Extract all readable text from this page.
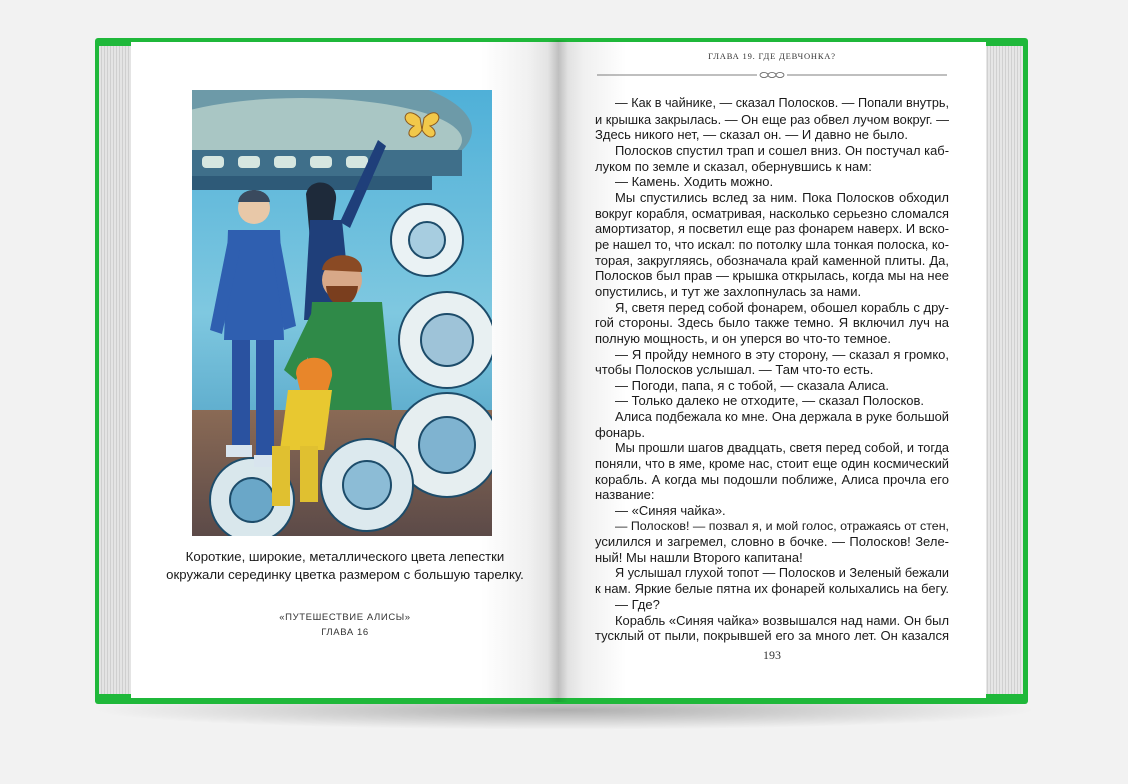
Короткие, широкие, металлического цвета лепестки
окружали серединку цветка размером с большую тарелку.
«ПУТЕШЕСТВИЕ АЛИСЫ»
ГЛАВА 16
ГЛАВА 19. ГДЕ ДЕВЧОНКА?
— Как в чайнике, — сказал Полосков. — Попали внутрь,
и крышка закрылась. — Он еще раз обвел лучом вокруг. —
Здесь никого нет, — сказал он. — И давно не было.
Полосков спустил трап и сошел вниз. Он постучал каб-
луком по земле и сказал, обернувшись к нам:
— Камень. Ходить можно.
Мы спустились вслед за ним. Пока Полосков обходил
вокруг корабля, осматривая, насколько серьезно сломался
амортизатор, я посветил еще раз фонарем наверх. И вско-
ре нашел то, что искал: по потолку шла тонкая полоска, ко-
торая, закругляясь, обозначала край каменной плиты. Да,
Полосков был прав — крышка открылась, когда мы на нее
опустились, и тут же захлопнулась за нами.
Я, светя перед собой фонарем, обошел корабль с дру-
гой стороны. Здесь было также темно. Я включил луч на
полную мощность, и он уперся во что-то темное.
— Я пройду немного в эту сторону, — сказал я громко,
чтобы Полосков услышал. — Там что-то есть.
— Погоди, папа, я с тобой, — сказала Алиса.
— Только далеко не отходите, — сказал Полосков.
Алиса подбежала ко мне. Она держала в руке большой
фонарь.
Мы прошли шагов двадцать, светя перед собой, и тогда
поняли, что в яме, кроме нас, стоит еще один космический
корабль. А когда мы подошли поближе, Алиса прочла его
название:
— «Синяя чайка».
— Полосков! — позвал я, и мой голос, отражаясь от стен,
усилился и загремел, словно в бочке. — Полосков! Зеле-
ный! Мы нашли Второго капитана!
Я услышал глухой топот — Полосков и Зеленый бежали
к нам. Яркие белые пятна их фонарей колыхались на бегу.
— Где?
Корабль «Синяя чайка» возвышался над нами. Он был
тусклый от пыли, покрывшей его за много лет. Он казался
193
